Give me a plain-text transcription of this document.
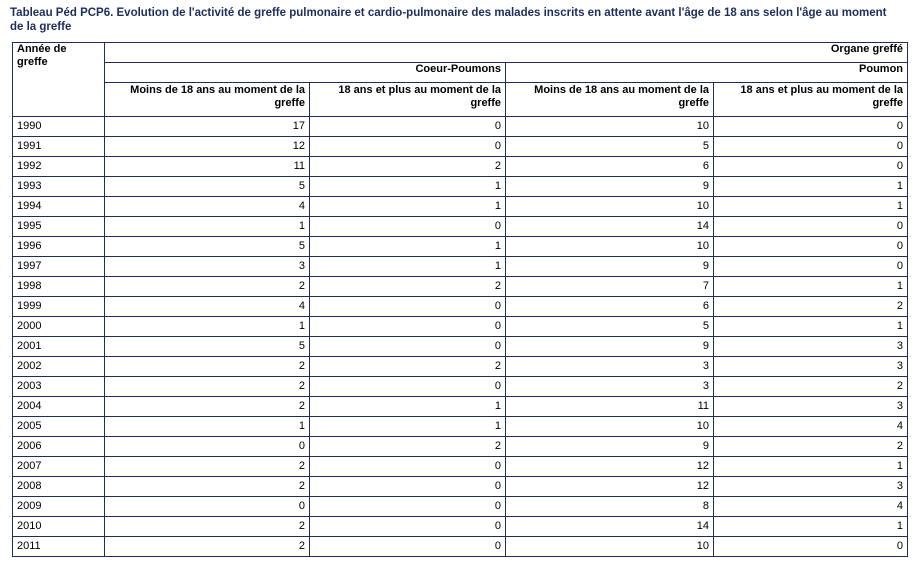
Tableau Péd PCP6. Evolution de l'activité de greffe pulmonaire et cardio-pulmonaire des malades inscrits en attente avant l'âge de 18 ans selon l'âge au moment de la greffe
Année de greffe	Organe greffé			
	Coeur-Poumons		Poumon	
	Moins de 18 ans au moment de la greffe	18 ans et plus au moment de la greffe	Moins de 18 ans au moment de la greffe	18 ans et plus au moment de la greffe
1990	17	0	10	0
1991	12	0	5	0
1992	11	2	6	0
1993	5	1	9	1
1994	4	1	10	1
1995	1	0	14	0
1996	5	1	10	0
1997	3	1	9	0
1998	2	2	7	1
1999	4	0	6	2
2000	1	0	5	1
2001	5	0	9	3
2002	2	2	3	3
2003	2	0	3	2
2004	2	1	11	3
2005	1	1	10	4
2006	0	2	9	2
2007	2	0	12	1
2008	2	0	12	3
2009	0	0	8	4
2010	2	0	14	1
2011	2	0	10	0
